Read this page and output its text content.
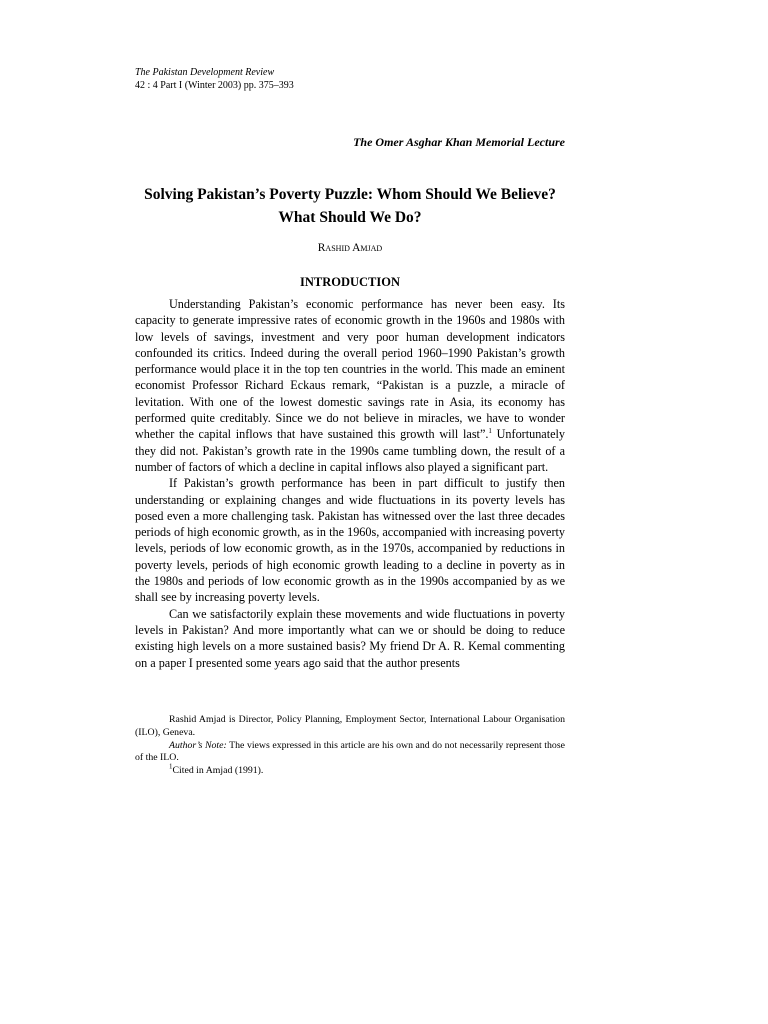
The Pakistan Development Review
42 : 4 Part I (Winter 2003) pp. 375–393
The Omer Asghar Khan Memorial Lecture
Solving Pakistan’s Poverty Puzzle: Whom Should We Believe?
What Should We Do?
Rashid Amjad
INTRODUCTION

Understanding Pakistan’s economic performance has never been easy. Its capacity to generate impressive rates of economic growth in the 1960s and 1980s with low levels of savings, investment and very poor human development indicators confounded its critics. Indeed during the overall period 1960–1990 Pakistan’s growth performance would place it in the top ten countries in the world. This made an eminent economist Professor Richard Eckaus remark, “Pakistan is a puzzle, a miracle of levitation. With one of the lowest domestic savings rate in Asia, its economy has performed quite creditably. Since we do not believe in miracles, we have to wonder whether the capital inflows that have sustained this growth will last”.$^1$ Unfortunately they did not. Pakistan’s growth rate in the 1990s came tumbling down, the result of a number of factors of which a decline in capital inflows also played a significant part.

If Pakistan’s growth performance has been in part difficult to justify then understanding or explaining changes and wide fluctuations in its poverty levels has posed even a more challenging task. Pakistan has witnessed over the last three decades periods of high economic growth, as in the 1960s, accompanied with increasing poverty levels, periods of low economic growth, as in the 1970s, accompanied by reductions in poverty levels, periods of high economic growth leading to a decline in poverty as in the 1980s and periods of low economic growth as in the 1990s accompanied by as we shall see by increasing poverty levels.

Can we satisfactorily explain these movements and wide fluctuations in poverty levels in Pakistan? And more importantly what can we or should be doing to reduce existing high levels on a more sustained basis? My friend Dr A. R. Kemal commenting on a paper I presented some years ago said that the author presents

Rashid Amjad is Director, Policy Planning, Employment Sector, International Labour Organisation (ILO), Geneva.

Author’s Note: The views expressed in this article are his own and do not necessarily represent those of the ILO.

$^1$Cited in Amjad (1991).
